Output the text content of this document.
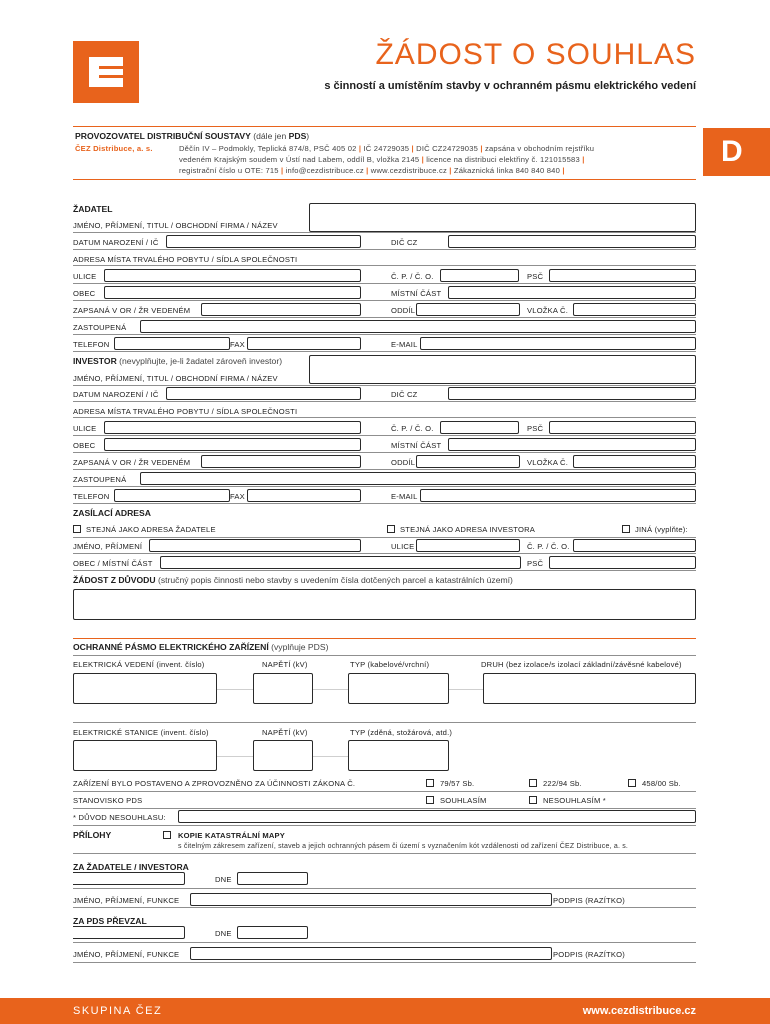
ŽÁDOST O SOUHLAS
s činností a umístěním stavby v ochranném pásmu elektrického vedení
D
PROVOZOVATEL DISTRIBUČNÍ SOUSTAVY (dále jen PDS)
ČEZ Distribuce, a. s.	Děčín IV – Podmokly, Teplická 874/8, PSČ 405 02 | IČ 24729035 | DIČ CZ24729035 | zapsána v obchodním rejstříku
vedeném Krajským soudem v Ústí nad Labem, oddíl B, vložka 2145 | licence na distribuci elektřiny č. 121015583 |
registrační číslo u OTE: 715 | info@cezdistribuce.cz | www.cezdistribuce.cz | Zákaznická linka 840 840 840 |
ŽADATEL
JMÉNO, PŘÍJMENÍ, TITUL / OBCHODNÍ FIRMA / NÁZEV
DATUM NAROZENÍ / IČ	DIČ CZ
ADRESA MÍSTA TRVALÉHO POBYTU / SÍDLA SPOLEČNOSTI
ULICE	Č. P. / Č. O.	PSČ
OBEC	MÍSTNÍ ČÁST
ZAPSANÁ V OR / ŽR VEDENÉM	ODDÍL	VLOŽKA Č.
ZASTOUPENÁ
TELEFON	FAX	E-MAIL
INVESTOR (nevyplňujte, je-li žadatel zároveň investor)
JMÉNO, PŘÍJMENÍ, TITUL / OBCHODNÍ FIRMA / NÁZEV
DATUM NAROZENÍ / IČ	DIČ CZ
ADRESA MÍSTA TRVALÉHO POBYTU / SÍDLA SPOLEČNOSTI
ULICE	Č. P. / Č. O.	PSČ
OBEC	MÍSTNÍ ČÁST
ZAPSANÁ V OR / ŽR VEDENÉM	ODDÍL	VLOŽKA Č.
ZASTOUPENÁ
TELEFON	FAX	E-MAIL
ZASÍLACÍ ADRESA
STEJNÁ JAKO ADRESA ŽADATELE	STEJNÁ JAKO ADRESA INVESTORA	JINÁ (vyplňte):
JMÉNO, PŘÍJMENÍ	ULICE	Č. P. / Č. O.
OBEC / MÍSTNÍ ČÁST	PSČ
ŽÁDOST Z DŮVODU (stručný popis činnosti nebo stavby s uvedením čísla dotčených parcel a katastrálních území)
OCHRANNÉ PÁSMO ELEKTRICKÉHO ZAŘÍZENÍ (vyplňuje PDS)
ELEKTRICKÁ VEDENÍ (invent. číslo)	NAPĚTÍ (kV)	TYP (kabelové/vrchní)	DRUH (bez izolace/s izolací základní/závěsné kabelové)
ELEKTRICKÉ STANICE (invent. číslo)	NAPĚTÍ (kV)	TYP (zděná, stožárová, atd.)
ZAŘÍZENÍ BYLO POSTAVENO A ZPROVOZNĚNO ZA ÚČINNOSTI ZÁKONA Č.	79/57 Sb.	222/94 Sb.	458/00 Sb.
STANOVISKO PDS	SOUHLASÍM	NESOUHLASÍM *
* DŮVOD NESOUHLASU:
PŘÍLOHY	KOPIE KATASTRÁLNÍ MAPY
s čitelným zákresem zařízení, staveb a jejich ochranných pásem či území s vyznačením kót vzdálenosti od zařízení ČEZ Distribuce, a. s.
ZA ŽADATELE / INVESTORA
DNE
JMÉNO, PŘÍJMENÍ, FUNKCE	PODPIS (RAZÍTKO)
ZA PDS PŘEVZAL
DNE
JMÉNO, PŘÍJMENÍ, FUNKCE	PODPIS (RAZÍTKO)
SKUPINA ČEZ	www.cezdistribuce.cz
